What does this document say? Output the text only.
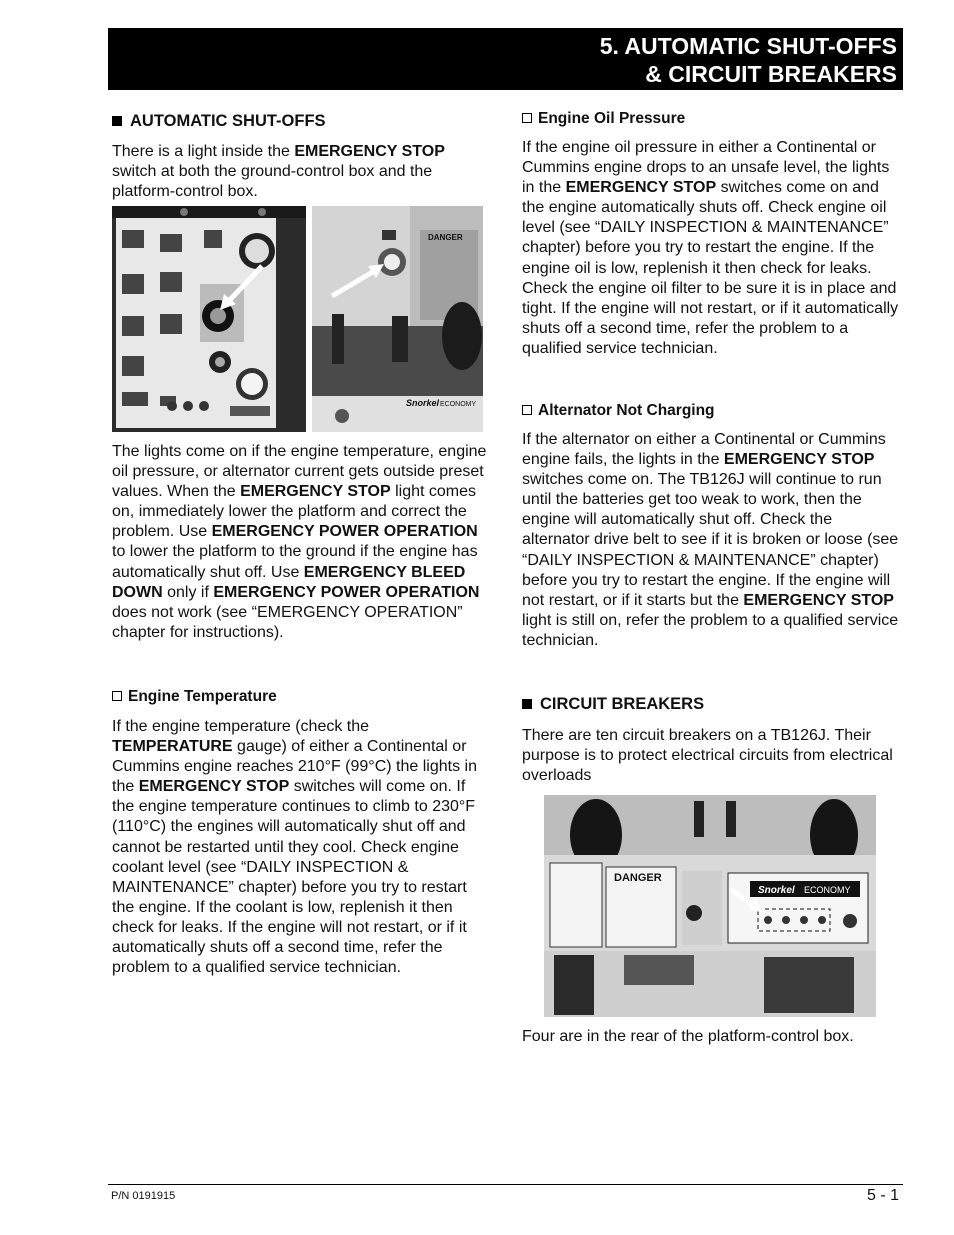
5. AUTOMATIC SHUT-OFFS
& CIRCUIT BREAKERS
AUTOMATIC SHUT-OFFS
There is a light inside the EMERGENCY STOP switch at both the ground-control box and the platform-control box.
DANGER
Snorkel ECONOMY
The lights come on if the engine temperature, engine oil pressure, or alternator current gets outside preset values. When the EMERGENCY STOP light comes on, immediately lower the platform and correct the problem. Use EMERGENCY POWER OPERATION to lower the platform to the ground if the engine has automatically shut off. Use EMERGENCY BLEED DOWN only if EMERGENCY POWER OPERATION does not work (see “EMERGENCY OPERATION” chapter for instructions).
Engine Temperature
If the engine temperature (check the TEMPERATURE gauge) of either a Continental or Cummins engine reaches 210°F (99°C) the lights in the EMERGENCY STOP switches will come on. If the engine temperature continues to climb to 230°F (110°C) the engines will automatically shut off and cannot be restarted until they cool. Check engine coolant level (see “DAILY INSPECTION & MAINTENANCE” chapter) before you try to restart the engine. If the coolant is low, replenish it then check for leaks. If the engine will not restart, or if it automatically shuts off a second time, refer the problem to a qualified service technician.
Engine Oil Pressure
If the engine oil pressure in either a Continental or Cummins engine drops to an unsafe level, the lights in the EMERGENCY STOP switches come on and the engine automatically shuts off. Check engine oil level (see “DAILY INSPECTION & MAINTENANCE” chapter) before you try to restart the engine. If the engine oil is low, replenish it then check for leaks. Check the engine oil filter to be sure it is in place and tight. If the engine will not restart, or if it automatically shuts off a second time, refer the problem to a qualified service technician.
Alternator Not Charging
If the alternator on either a Continental or Cummins engine fails, the lights in the EMERGENCY STOP switches come on. The TB126J will continue to run until the batteries get too weak to work, then the engine will automatically shut off. Check the alternator drive belt to see if it is broken or loose (see “DAILY INSPECTION & MAINTENANCE” chapter) before you try to restart the engine. If the engine will not restart, or if it starts but the EMERGENCY STOP light is still on, refer the problem to a qualified service technician.
CIRCUIT BREAKERS
There are ten circuit breakers on a TB126J. Their purpose is to protect electrical circuits from electrical overloads
DANGER
Snorkel ECONOMY
Four are in the rear of the platform-control box.
P/N 0191915	5 - 1
